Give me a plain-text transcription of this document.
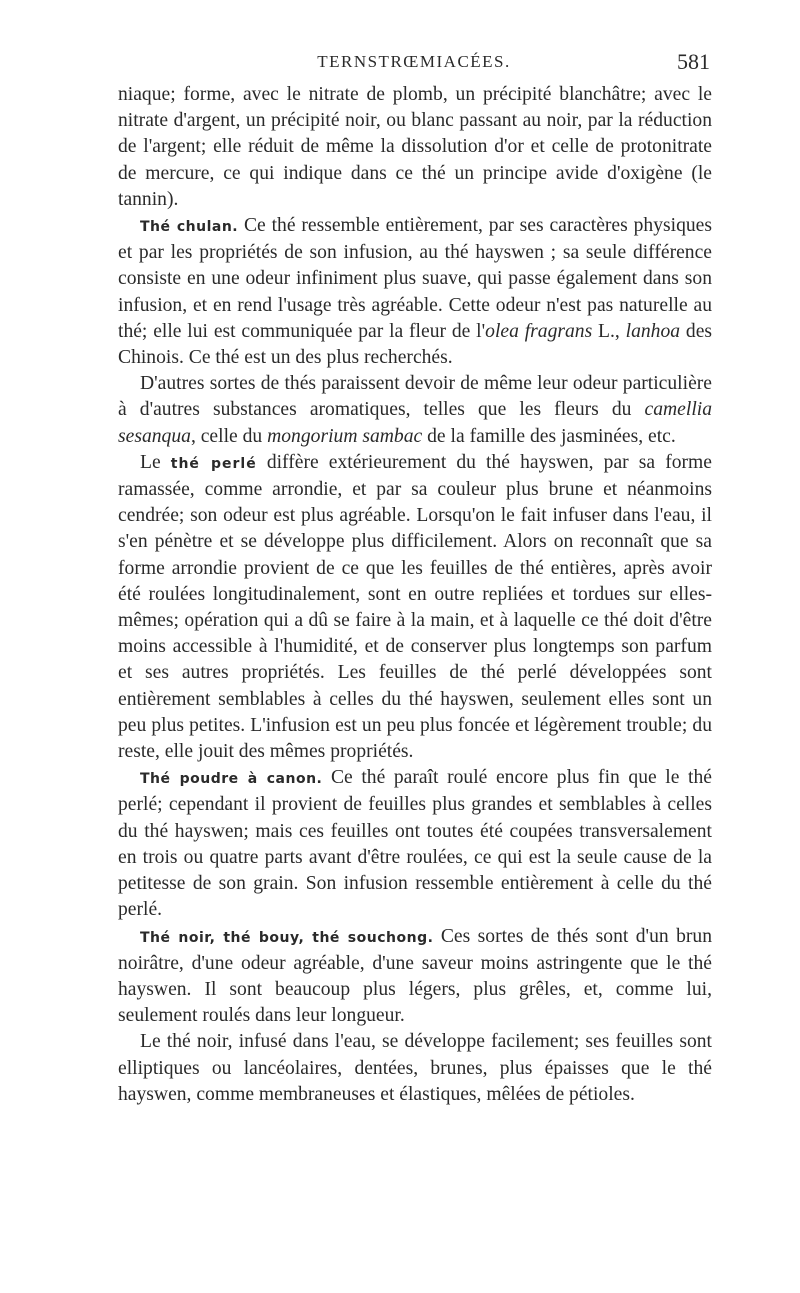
TERNSTRŒMIACÉES.	581

niaque; forme, avec le nitrate de plomb, un précipité blanchâtre; avec le nitrate d'argent, un précipité noir, ou blanc passant au noir, par la réduction de l'argent; elle réduit de même la dissolution d'or et celle de protonitrate de mercure, ce qui indique dans ce thé un principe avide d'oxigène (le tannin).

Thé chulan. Ce thé ressemble entièrement, par ses caractères physiques et par les propriétés de son infusion, au thé hayswen ; sa seule différence consiste en une odeur infiniment plus suave, qui passe également dans son infusion, et en rend l'usage très agréable. Cette odeur n'est pas naturelle au thé; elle lui est communiquée par la fleur de l'olea fragrans L., lanhoa des Chinois. Ce thé est un des plus recherchés.

D'autres sortes de thés paraissent devoir de même leur odeur particulière à d'autres substances aromatiques, telles que les fleurs du camellia sesanqua, celle du mongorium sambac de la famille des jasminées, etc.

Le thé perlé diffère extérieurement du thé hayswen, par sa forme ramassée, comme arrondie, et par sa couleur plus brune et néanmoins cendrée; son odeur est plus agréable. Lorsqu'on le fait infuser dans l'eau, il s'en pénètre et se développe plus difficilement. Alors on reconnaît que sa forme arrondie provient de ce que les feuilles de thé entières, après avoir été roulées longitudinalement, sont en outre repliées et tordues sur elles-mêmes; opération qui a dû se faire à la main, et à laquelle ce thé doit d'être moins accessible à l'humidité, et de conserver plus longtemps son parfum et ses autres propriétés. Les feuilles de thé perlé développées sont entièrement semblables à celles du thé hayswen, seulement elles sont un peu plus petites. L'infusion est un peu plus foncée et légèrement trouble; du reste, elle jouit des mêmes propriétés.

Thé poudre à canon. Ce thé paraît roulé encore plus fin que le thé perlé; cependant il provient de feuilles plus grandes et semblables à celles du thé hayswen; mais ces feuilles ont toutes été coupées transversalement en trois ou quatre parts avant d'être roulées, ce qui est la seule cause de la petitesse de son grain. Son infusion ressemble entièrement à celle du thé perlé.

Thé noir, thé bouy, thé souchong. Ces sortes de thés sont d'un brun noirâtre, d'une odeur agréable, d'une saveur moins astringente que le thé hayswen. Il sont beaucoup plus légers, plus grêles, et, comme lui, seulement roulés dans leur longueur.

Le thé noir, infusé dans l'eau, se développe facilement; ses feuilles sont elliptiques ou lancéolaires, dentées, brunes, plus épaisses que le thé hayswen, comme membraneuses et élastiques, mêlées de pétioles.
